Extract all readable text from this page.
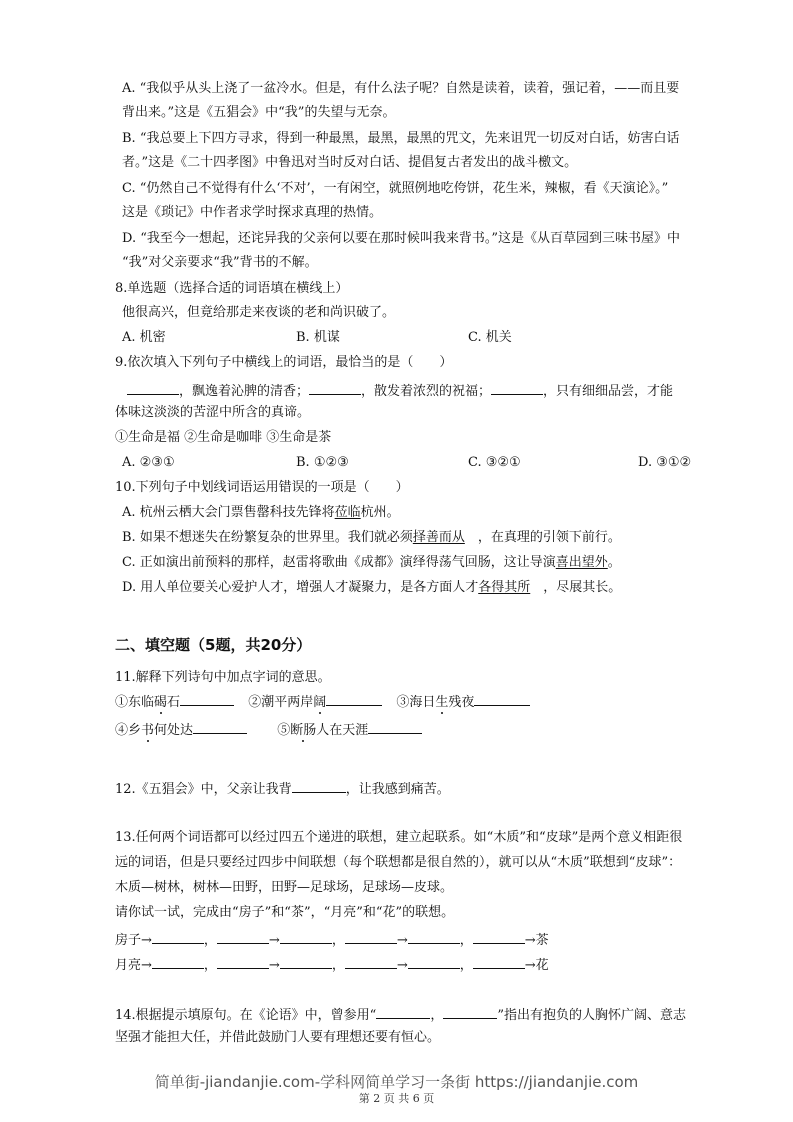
A. “我似乎从头上浇了一盆冷水。但是，有什么法子呢？自然是读着，读着，强记着，——而且要
背出来。”这是《五猖会》中“我”的失望与无奈。
B. “我总要上下四方寻求，得到一种最黑，最黑，最黑的咒文，先来诅咒一切反对白话，妨害白话
者。”这是《二十四孝图》中鲁迅对当时反对白话、提倡复古者发出的战斗檄文。
C. “仍然自己不觉得有什么‘不对’，一有闲空，就照例地吃侉饼，花生米，辣椒，看《天演论》。”
这是《琐记》中作者求学时探求真理的热情。
D. “我至今一想起，还诧异我的父亲何以要在那时候叫我来背书。”这是《从百草园到三味书屋》中
“我”对父亲要求“我”背书的不解。
8.单选题（选择合适的词语填在横线上）
他很高兴，但竟给那走来夜谈的老和尚识破了。
A. 机密	B. 机谋	C. 机关
9.依次填入下列句子中横线上的词语，最恰当的是（　　）
，飘逸着沁脾的清香；	，散发着浓烈的祝福；	，只有细细品尝，才能
体味这淡淡的苦涩中所含的真谛。
①生命是福 ②生命是咖啡 ③生命是茶
A. ②③①	B. ①②③	C. ③②①	D. ③①②
10.下列句子中划线词语运用错误的一项是（　　）
A. 杭州云栖大会门票售罄科技先锋将莅临杭州。
B. 如果不想迷失在纷繁复杂的世界里。我们就必须择善而从　，在真理的引领下前行。
C. 正如演出前预料的那样，赵雷将歌曲《成都》演绎得荡气回肠，这让导演喜出望外。
D. 用人单位要关心爱护人才，增强人才凝聚力，是各方面人才各得其所　，尽展其长。
二、填空题（5题，共20分）
11.解释下列诗句中加点字词的意思。
①东临碣石	②潮平两岸阔	③海日生残夜
④乡书何处达	⑤断肠人在天涯
12.《五猖会》中，父亲让我背	，让我感到痛苦。
13.任何两个词语都可以经过四五个递进的联想，建立起联系。如“木质”和“皮球”是两个意义相距很
远的词语，但是只要经过四步中间联想（每个联想都是很自然的），就可以从“木质”联想到“皮球”：
木质—树林，树林—田野，田野—足球场，足球场—皮球。
请你试一试，完成由“房子”和“茶”，“月亮”和“花”的联想。
房子→	，	→	，	→	，	→茶
月亮→	，	→	，	→	，	→花
14.根据提示填原句。在《论语》中，曾参用“	，	”指出有抱负的人胸怀广阔、意志
坚强才能担大任，并借此鼓励门人要有理想还要有恒心。
简单街-jiandanjie.com-学科网简单学习一条街 https://jiandanjie.com
第 2 页 共 6 页
